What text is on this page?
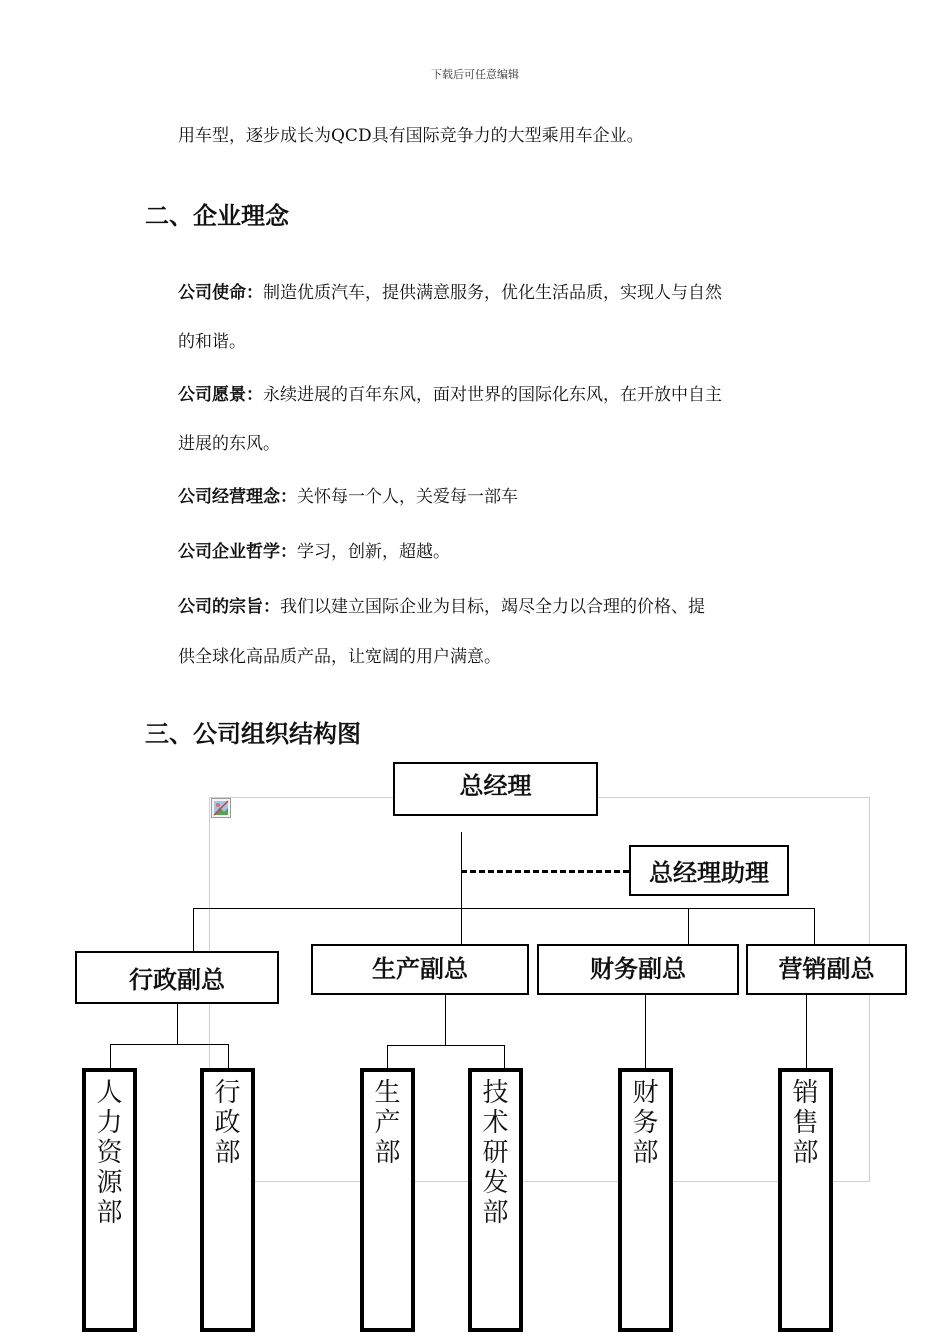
下载后可任意编辑
用车型，逐步成长为QCD具有国际竞争力的大型乘用车企业。
二、企业理念
公司使命：制造优质汽车，提供满意服务，优化生活品质，实现人与自然
的和谐。
公司愿景：永续进展的百年东风，面对世界的国际化东风，在开放中自主
进展的东风。
公司经营理念：关怀每一个人，关爱每一部车
公司企业哲学：学习，创新，超越。
公司的宗旨：我们以建立国际企业为目标，竭尽全力以合理的价格、提
供全球化高品质产品，让宽阔的用户满意。
三、公司组织结构图
总经理
总经理助理
行政副总	生产副总	财务副总	营销副总
人力资源部
行政部
生产部
技术研发部
财务部
销售部
